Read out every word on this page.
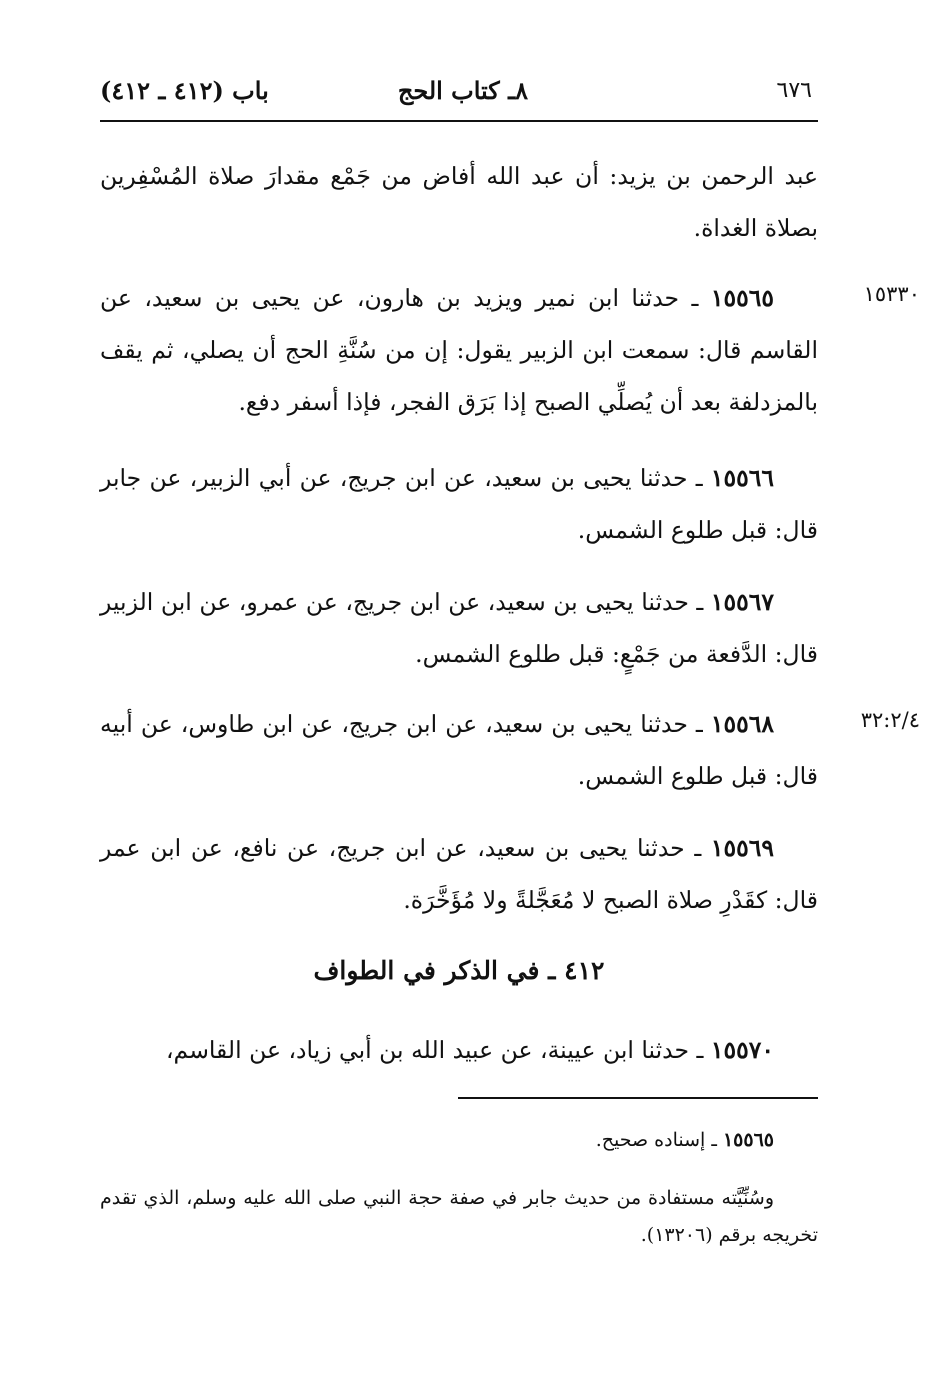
٦٧٦
٨ـ كتاب الحج
باب (٤١٢ ـ ٤١٢)
عبد الرحمن بن يزيد: أن عبد الله أفاض من جَمْع مقدارَ صلاة المُسْفِرين بصلاة الغداة.
١٥٣٣٠
١٥٥٦٥ ـ حدثنا ابن نمير ويزيد بن هارون، عن يحيى بن سعيد، عن القاسم قال: سمعت ابن الزبير يقول: إن من سُنَّةِ الحج أن يصلي، ثم يقف بالمزدلفة بعد أن يُصلِّي الصبح إذا بَرَق الفجر، فإذا أسفر دفع.
١٥٥٦٦ ـ حدثنا يحيى بن سعيد، عن ابن جريج، عن أبي الزبير، عن جابر قال: قبل طلوع الشمس.
١٥٥٦٧ ـ حدثنا يحيى بن سعيد، عن ابن جريج، عن عمرو، عن ابن الزبير قال: الدَّفعة من جَمْعٍ: قبل طلوع الشمس.
٣٢:٢/٤
١٥٥٦٨ ـ حدثنا يحيى بن سعيد، عن ابن جريج، عن ابن طاوس، عن أبيه قال: قبل طلوع الشمس.
١٥٥٦٩ ـ حدثنا يحيى بن سعيد، عن ابن جريج، عن نافع، عن ابن عمر قال: كقَدْرِ صلاة الصبح لا مُعَجَّلةً ولا مُؤَخَّرَة.
٤١٢ ـ في الذكر في الطواف
١٥٥٧٠ ـ حدثنا ابن عيينة، عن عبيد الله بن أبي زياد، عن القاسم،
١٥٥٦٥ ـ إسناده صحيح.
وسُنِّيَّته مستفادة من حديث جابر في صفة حجة النبي صلى الله عليه وسلم، الذي تقدم تخريجه برقم (١٣٢٠٦).
